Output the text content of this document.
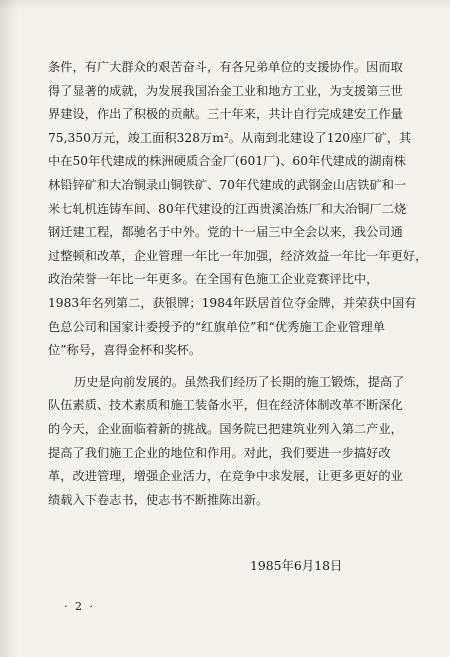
条件，有广大群众的艰苦奋斗，有各兄弟单位的支援协作。因而取
得了显著的成就，为发展我国冶金工业和地方工业，为支援第三世
界建设，作出了积极的贡献。三十年来，共计自行完成建安工作量
75,350万元，竣工面积328万m²。从南到北建设了120座厂矿，其
中在50年代建成的株洲硬质合金厂(601厂)、60年代建成的湖南株
林铅锌矿和大冶铜录山铜铁矿、70年代建成的武钢金山店铁矿和一
米七轧机连铸车间、80年代建设的江西贵溪冶炼厂和大冶铜厂二烧
钢迁建工程，都驰名于中外。党的十一届三中全会以来，我公司通
过整顿和改革，企业管理一年比一年加强，经济效益一年比一年更好，
政治荣誉一年比一年更多。在全国有色施工企业竞赛评比中，
1983年名列第二，获银牌；1984年跃居首位夺金牌，并荣获中国有
色总公司和国家计委授予的“红旗单位”和“优秀施工企业管理单
位”称号，喜得金杯和奖杯。
历史是向前发展的。虽然我们经历了长期的施工锻炼，提高了
队伍素质、技术素质和施工装备水平，但在经济体制改革不断深化
的今天，企业面临着新的挑战。国务院已把建筑业列入第二产业，
提高了我们施工企业的地位和作用。对此，我们要进一步搞好改
革，改进管理，增强企业活力，在竞争中求发展，让更多更好的业
绩载入下卷志书，使志书不断推陈出新。
1985年6月18日
· 2 ·
